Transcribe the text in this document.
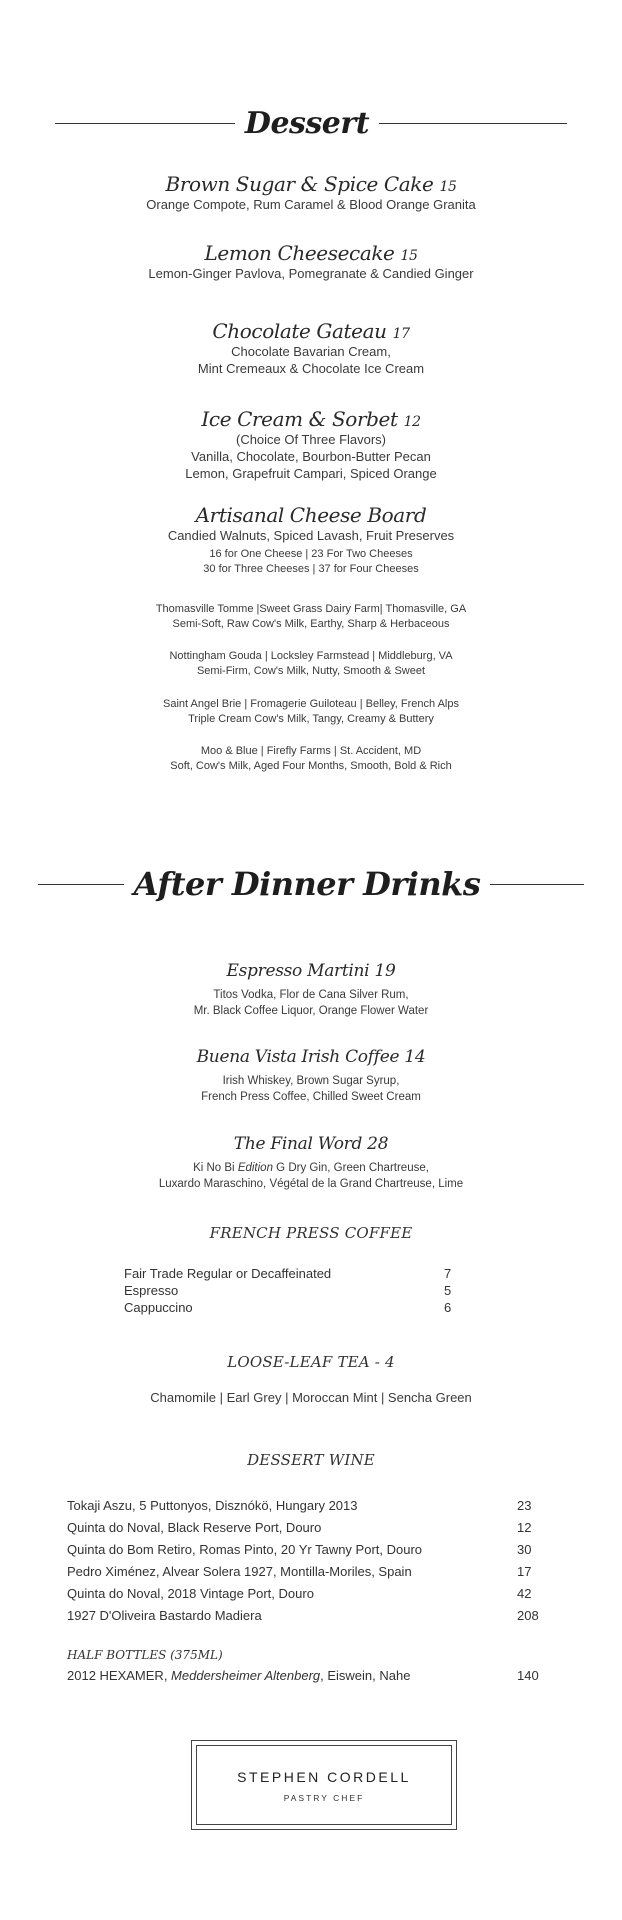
Dessert
Brown Sugar & Spice Cake 15
Orange Compote, Rum Caramel & Blood Orange Granita
Lemon Cheesecake 15
Lemon-Ginger Pavlova, Pomegranate & Candied Ginger
Chocolate Gateau 17
Chocolate Bavarian Cream,
Mint Cremeaux & Chocolate Ice Cream
Ice Cream & Sorbet 12
(Choice Of Three Flavors)
Vanilla, Chocolate, Bourbon-Butter Pecan
Lemon, Grapefruit Campari, Spiced Orange
Artisanal Cheese Board
Candied Walnuts, Spiced Lavash, Fruit Preserves
16 for One Cheese | 23 For Two Cheeses
30 for Three Cheeses | 37 for Four Cheeses
Thomasville Tomme |Sweet Grass Dairy Farm| Thomasville, GA
Semi-Soft, Raw Cow's Milk, Earthy, Sharp & Herbaceous
Nottingham Gouda | Locksley Farmstead | Middleburg, VA
Semi-Firm, Cow's Milk, Nutty, Smooth & Sweet
Saint Angel Brie | Fromagerie Guiloteau | Belley, French Alps
Triple Cream Cow's Milk, Tangy, Creamy & Buttery
Moo & Blue | Firefly Farms | St. Accident, MD
Soft, Cow's Milk, Aged Four Months, Smooth, Bold & Rich
After Dinner Drinks
Espresso Martini 19
Titos Vodka, Flor de Cana Silver Rum,
Mr. Black Coffee Liquor, Orange Flower Water
Buena Vista Irish Coffee 14
Irish Whiskey, Brown Sugar Syrup,
French Press Coffee, Chilled Sweet Cream
The Final Word 28
Ki No Bi Edition G Dry Gin, Green Chartreuse,
Luxardo Maraschino, Végétal de la Grand Chartreuse, Lime
FRENCH PRESS COFFEE
Fair Trade Regular or Decaffeinated	7
Espresso	5
Cappuccino	6
LOOSE-LEAF TEA - 4
Chamomile | Earl Grey | Moroccan Mint | Sencha Green
DESSERT WINE
Tokaji Aszu, 5 Puttonyos, Disznókö, Hungary 2013	23
Quinta do Noval, Black Reserve Port, Douro	12
Quinta do Bom Retiro, Romas Pinto, 20 Yr Tawny Port, Douro	30
Pedro Ximénez, Alvear Solera 1927, Montilla-Moriles, Spain	17
Quinta do Noval, 2018 Vintage Port, Douro	42
1927 D'Oliveira Bastardo Madiera	208
HALF BOTTLES (375ML)
2012 HEXAMER, Meddersheimer Altenberg, Eiswein, Nahe	140
STEPHEN CORDELL
PASTRY CHEF
